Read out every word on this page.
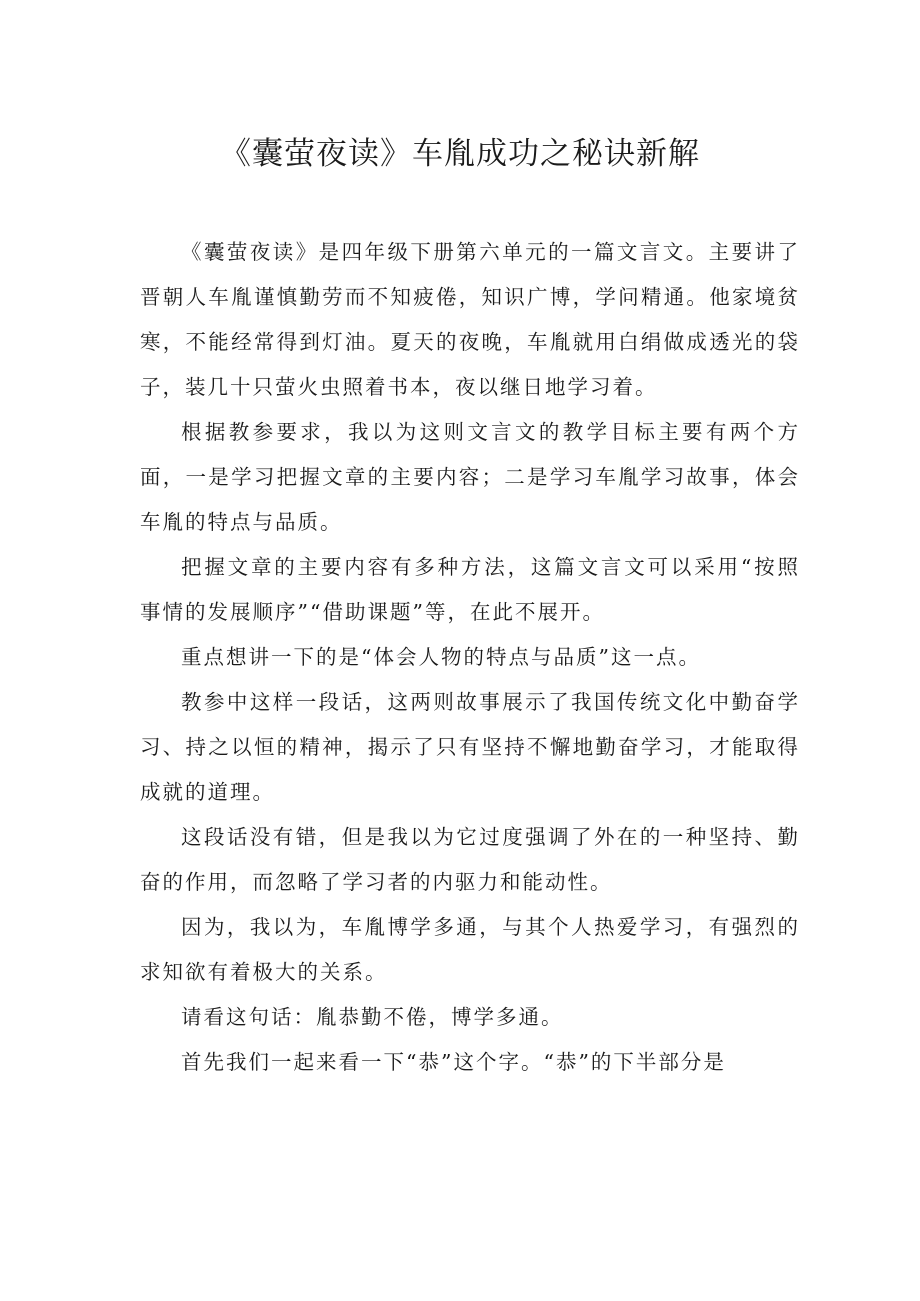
《囊萤夜读》车胤成功之秘诀新解

《囊萤夜读》是四年级下册第六单元的一篇文言文。主要讲了晋朝人车胤谨慎勤劳而不知疲倦，知识广博，学问精通。他家境贫寒，不能经常得到灯油。夏天的夜晚，车胤就用白绢做成透光的袋子，装几十只萤火虫照着书本，夜以继日地学习着。

根据教参要求，我以为这则文言文的教学目标主要有两个方面，一是学习把握文章的主要内容；二是学习车胤学习故事，体会车胤的特点与品质。

把握文章的主要内容有多种方法，这篇文言文可以采用“按照事情的发展顺序”“借助课题”等，在此不展开。

重点想讲一下的是“体会人物的特点与品质”这一点。

教参中这样一段话，这两则故事展示了我国传统文化中勤奋学习、持之以恒的精神，揭示了只有坚持不懈地勤奋学习，才能取得成就的道理。

这段话没有错，但是我以为它过度强调了外在的一种坚持、勤奋的作用，而忽略了学习者的内驱力和能动性。

因为，我以为，车胤博学多通，与其个人热爱学习，有强烈的求知欲有着极大的关系。

请看这句话：胤恭勤不倦，博学多通。

首先我们一起来看一下“恭”这个字。“恭”的下半部分是
